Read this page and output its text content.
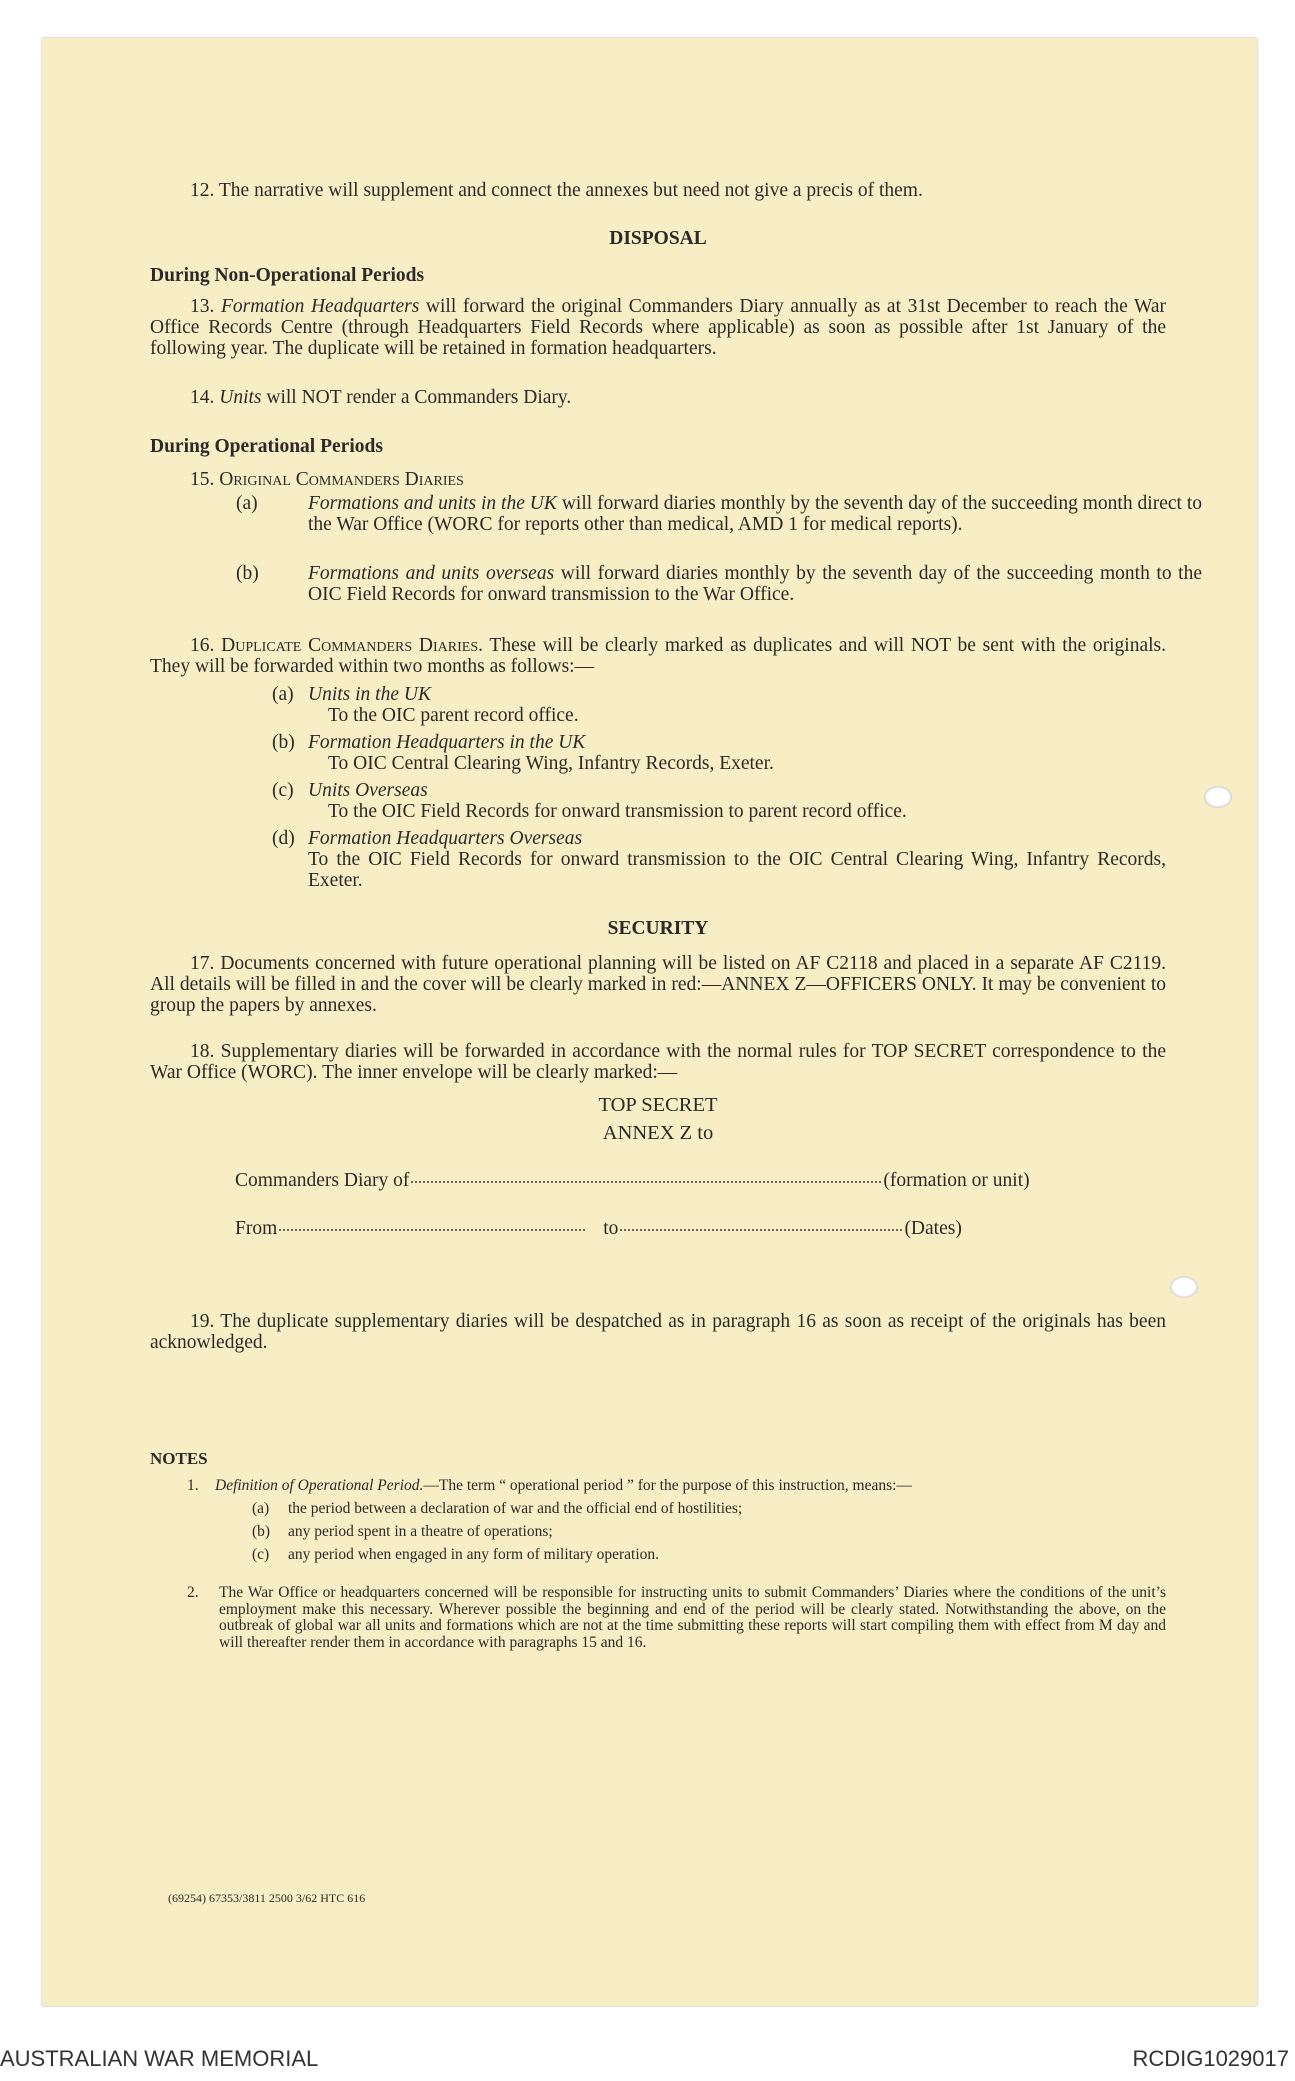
12. The narrative will supplement and connect the annexes but need not give a precis of them.
DISPOSAL
During Non-Operational Periods
13. Formation Headquarters will forward the original Commanders Diary annually as at 31st December to reach the War Office Records Centre (through Headquarters Field Records where applicable) as soon as possible after 1st January of the following year. The duplicate will be retained in formation headquarters.
14. Units will NOT render a Commanders Diary.
During Operational Periods
15. Original Commanders Diaries
(a)	Formations and units in the UK will forward diaries monthly by the seventh day of the succeeding month direct to the War Office (WORC for reports other than medical, AMD 1 for medical reports).
(b)	Formations and units overseas will forward diaries monthly by the seventh day of the succeeding month to the OIC Field Records for onward transmission to the War Office.
16. Duplicate Commanders Diaries. These will be clearly marked as duplicates and will NOT be sent with the originals. They will be forwarded within two months as follows:—
(a) Units in the UK
To the OIC parent record office.
(b) Formation Headquarters in the UK
To OIC Central Clearing Wing, Infantry Records, Exeter.
(c) Units Overseas
To the OIC Field Records for onward transmission to parent record office.
(d) Formation Headquarters Overseas
To the OIC Field Records for onward transmission to the OIC Central Clearing Wing, Infantry Records, Exeter.
SECURITY
17. Documents concerned with future operational planning will be listed on AF C2118 and placed in a separate AF C2119. All details will be filled in and the cover will be clearly marked in red:—ANNEX Z—OFFICERS ONLY. It may be convenient to group the papers by annexes.
18. Supplementary diaries will be forwarded in accordance with the normal rules for TOP SECRET correspondence to the War Office (WORC). The inner envelope will be clearly marked:—
TOP SECRET
ANNEX Z to
Commanders Diary of	(formation or unit)
From	to	(Dates)
19. The duplicate supplementary diaries will be despatched as in paragraph 16 as soon as receipt of the originals has been acknowledged.
NOTES
1. Definition of Operational Period.—The term “ operational period ” for the purpose of this instruction, means:—
(a) the period between a declaration of war and the official end of hostilities;
(b) any period spent in a theatre of operations;
(c) any period when engaged in any form of military operation.
2.	The War Office or headquarters concerned will be responsible for instructing units to submit Commanders’ Diaries where the conditions of the unit’s employment make this necessary. Wherever possible the beginning and end of the period will be clearly stated. Notwithstanding the above, on the outbreak of global war all units and formations which are not at the time submitting these reports will start compiling them with effect from M day and will thereafter render them in accordance with paragraphs 15 and 16.
(69254) 67353/3811 2500 3/62 HTC 616
AUSTRALIAN WAR MEMORIAL	RCDIG1029017
